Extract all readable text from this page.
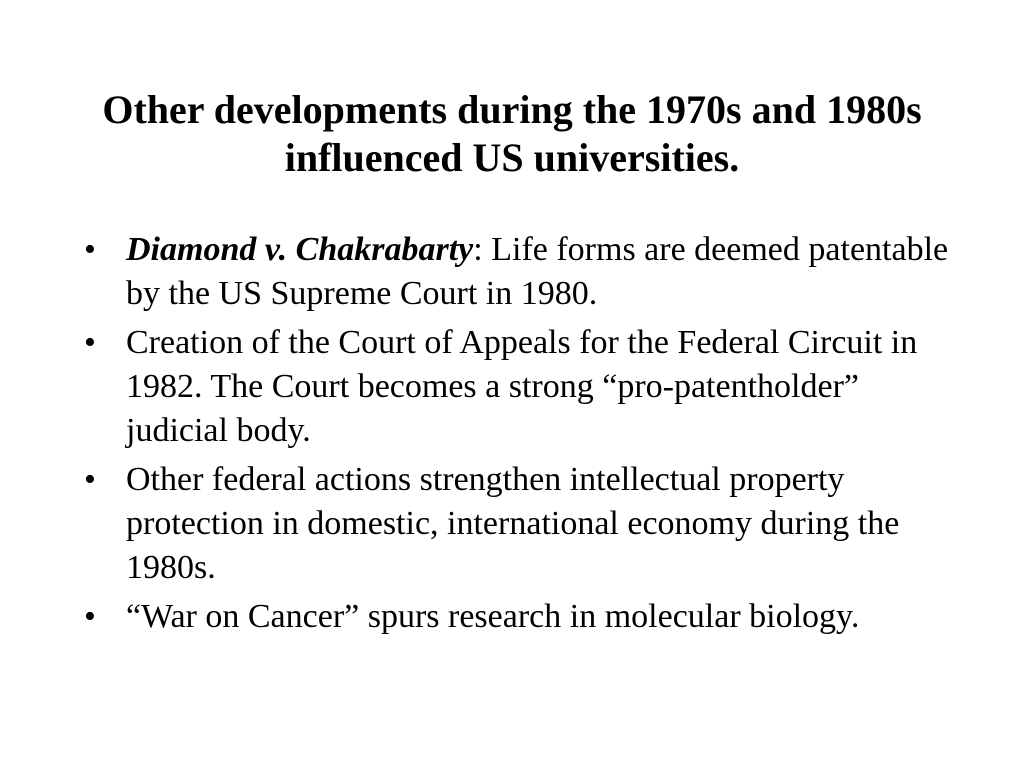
Other developments during the 1970s and 1980s influenced US universities.
• Diamond v. Chakrabarty: Life forms are deemed patentable by the US Supreme Court in 1980.
• Creation of the Court of Appeals for the Federal Circuit in 1982. The Court becomes a strong “pro-patentholder” judicial body.
• Other federal actions strengthen intellectual property protection in domestic, international economy during the 1980s.
• “War on Cancer” spurs research in molecular biology.
